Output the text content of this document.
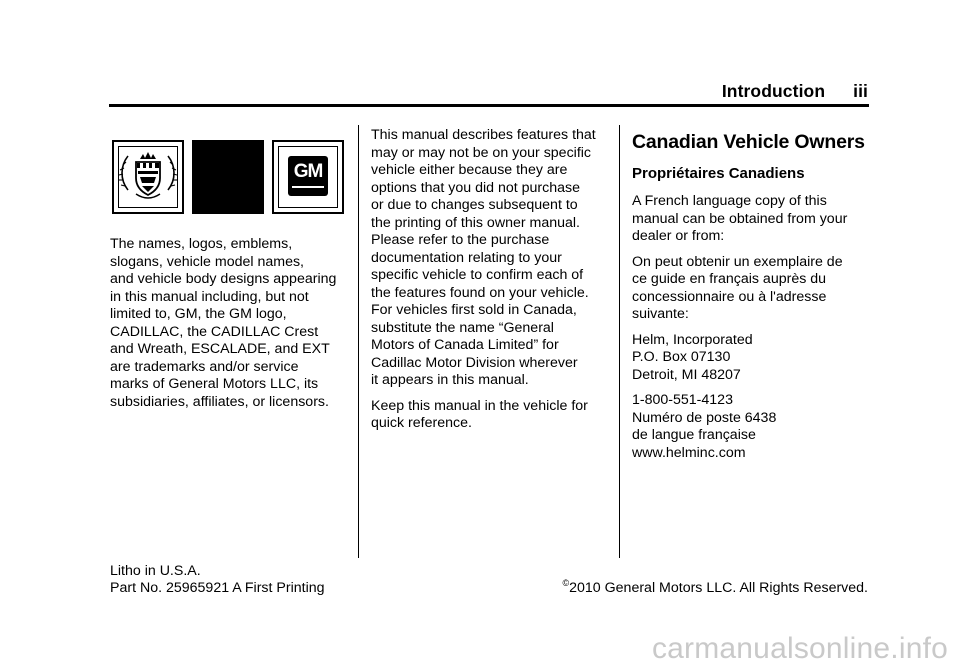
Introduction iii
GM
The names, logos, emblems,
slogans, vehicle model names,
and vehicle body designs appearing
in this manual including, but not
limited to, GM, the GM logo,
CADILLAC, the CADILLAC Crest
and Wreath, ESCALADE, and EXT
are trademarks and/or service
marks of General Motors LLC, its
subsidiaries, affiliates, or licensors.

This manual describes features that
may or may not be on your specific
vehicle either because they are
options that you did not purchase
or due to changes subsequent to
the printing of this owner manual.
Please refer to the purchase
documentation relating to your
specific vehicle to confirm each of
the features found on your vehicle.
For vehicles first sold in Canada,
substitute the name “General
Motors of Canada Limited” for
Cadillac Motor Division wherever
it appears in this manual.

Keep this manual in the vehicle for
quick reference.

Canadian Vehicle Owners
Propriétaires Canadiens

A French language copy of this
manual can be obtained from your
dealer or from:

On peut obtenir un exemplaire de
ce guide en français auprès du
concessionnaire ou à l'adresse
suivante:

Helm, Incorporated
P.O. Box 07130
Detroit, MI 48207

1-800-551-4123
Numéro de poste 6438
de langue française
www.helminc.com

Litho in U.S.A.
Part No. 25965921 A First Printing	©2010 General Motors LLC. All Rights Reserved.
carmanualsonline.info
